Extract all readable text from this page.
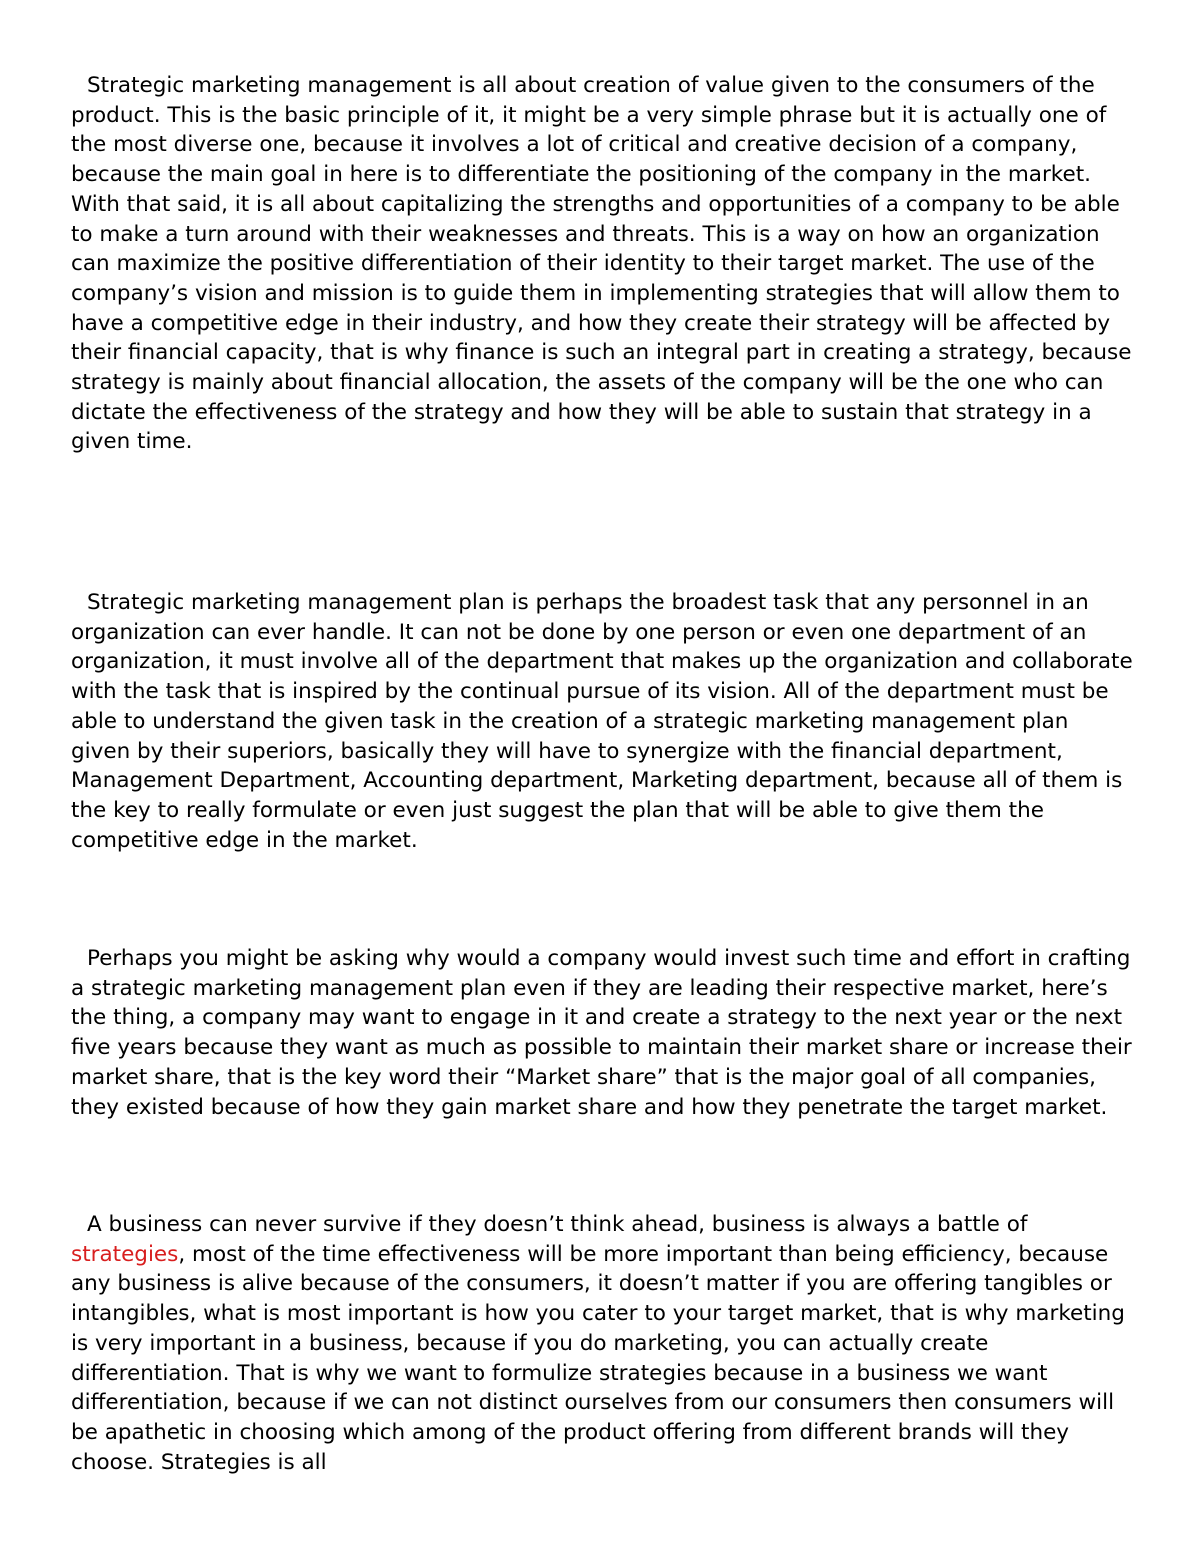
Strategic marketing management is all about creation of value given to the consumers of the product. This is the basic principle of it, it might be a very simple phrase but it is actually one of the most diverse one, because it involves a lot of critical and creative decision of a company, because the main goal in here is to differentiate the positioning of the company in the market. With that said, it is all about capitalizing the strengths and opportunities of a company to be able to make a turn around with their weaknesses and threats. This is a way on how an organization can maximize the positive differentiation of their identity to their target market. The use of the company’s vision and mission is to guide them in implementing strategies that will allow them to have a competitive edge in their industry, and how they create their strategy will be affected by their financial capacity, that is why finance is such an integral part in creating a strategy, because strategy is mainly about financial allocation, the assets of the company will be the one who can dictate the effectiveness of the strategy and how they will be able to sustain that strategy in a given time.

Strategic marketing management plan is perhaps the broadest task that any personnel in an organization can ever handle. It can not be done by one person or even one department of an organization, it must involve all of the department that makes up the organization and collaborate with the task that is inspired by the continual pursue of its vision. All of the department must be able to understand the given task in the creation of a strategic marketing management plan given by their superiors, basically they will have to synergize with the financial department, Management Department, Accounting department, Marketing department, because all of them is the key to really formulate or even just suggest the plan that will be able to give them the competitive edge in the market.

Perhaps you might be asking why would a company would invest such time and effort in crafting a strategic marketing management plan even if they are leading their respective market, here’s the thing, a company may want to engage in it and create a strategy to the next year or the next five years because they want as much as possible to maintain their market share or increase their market share, that is the key word their “Market share” that is the major goal of all companies, they existed because of how they gain market share and how they penetrate the target market.

A business can never survive if they doesn’t think ahead, business is always a battle of strategies, most of the time effectiveness will be more important than being efficiency, because any business is alive because of the consumers, it doesn’t matter if you are offering tangibles or intangibles, what is most important is how you cater to your target market, that is why marketing is very important in a business, because if you do marketing, you can actually create differentiation. That is why we want to formulize strategies because in a business we want differentiation, because if we can not distinct ourselves from our consumers then consumers will be apathetic in choosing which among of the product offering from different brands will they choose. Strategies is all
